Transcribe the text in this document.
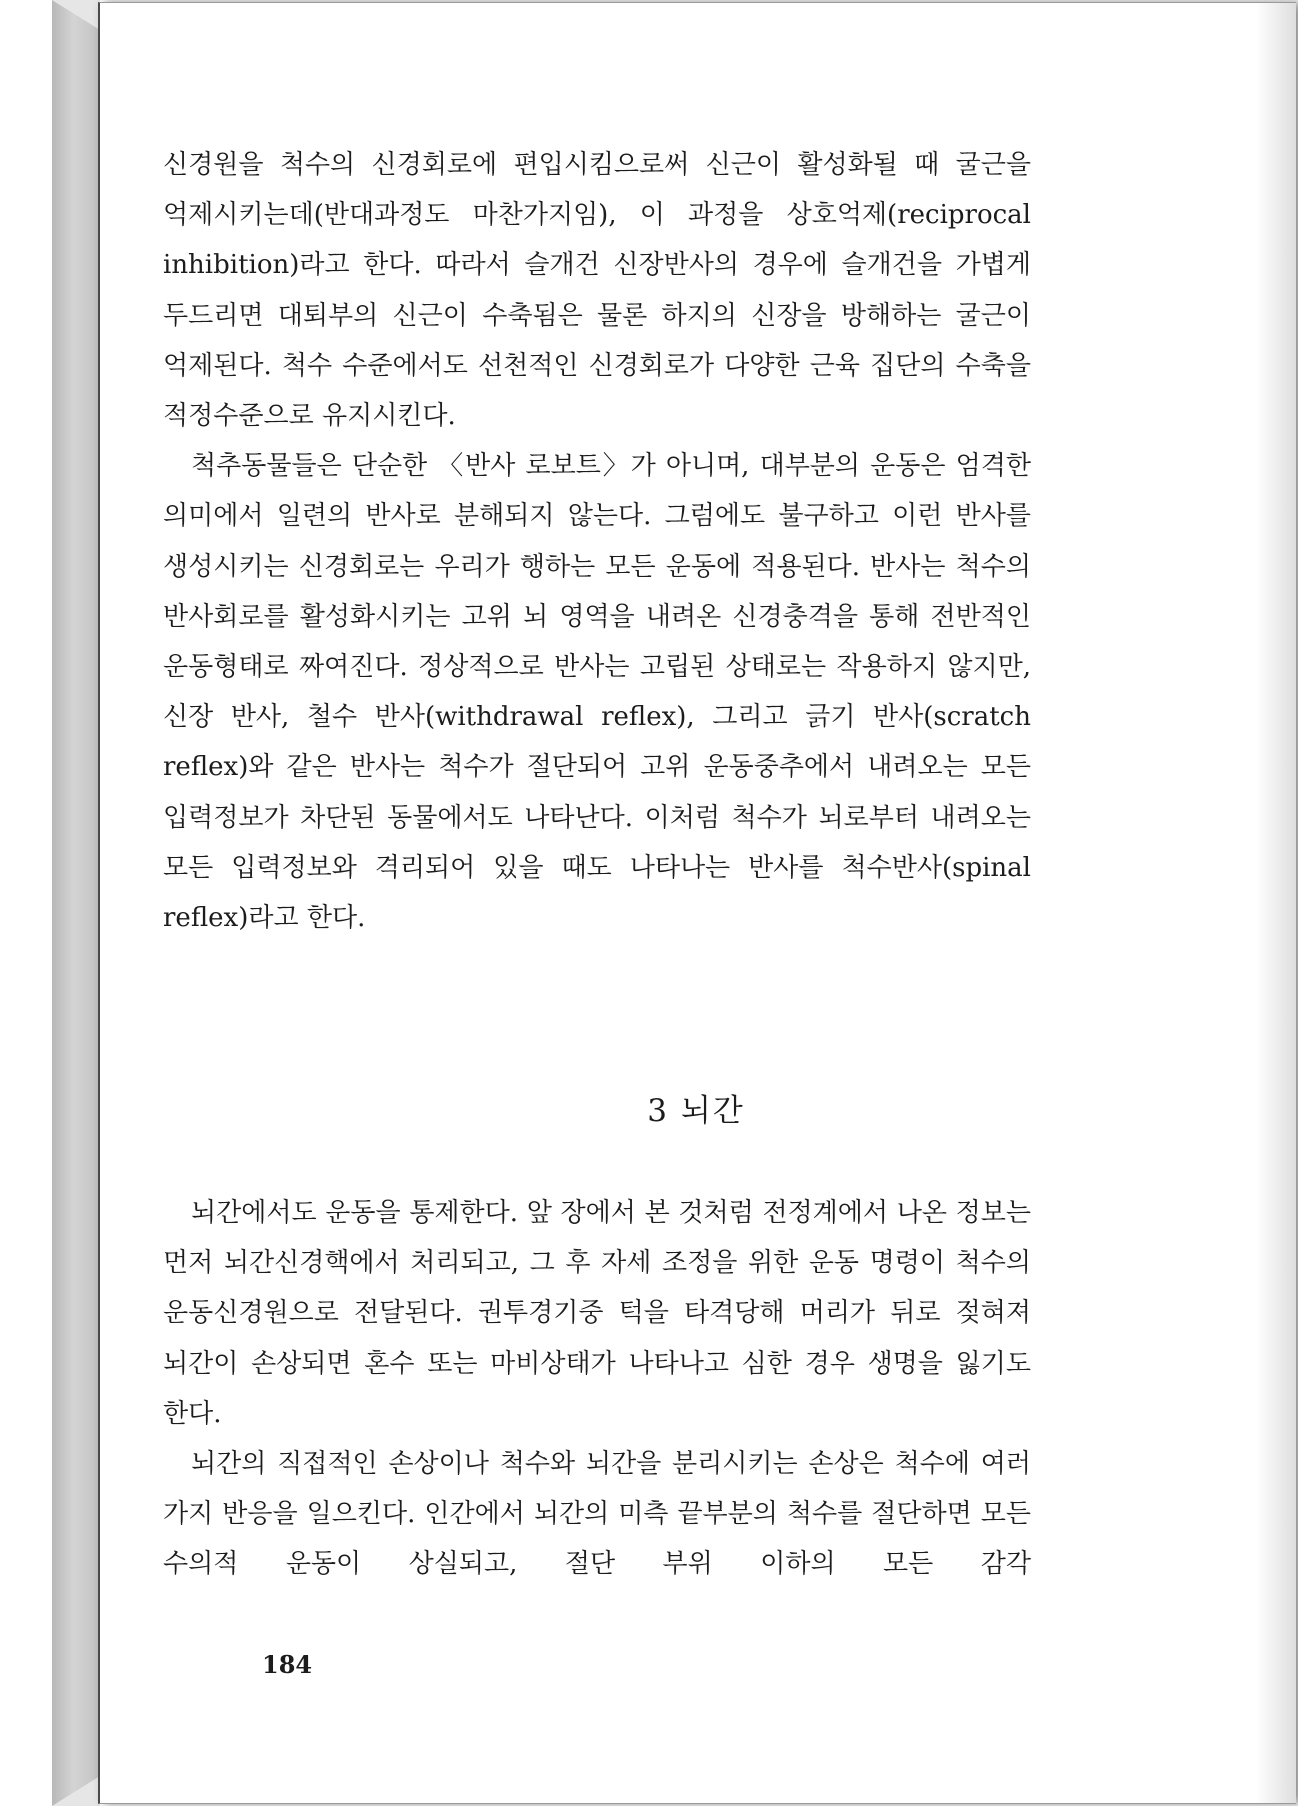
신경원을 척수의 신경회로에 편입시킴으로써 신근이 활성화될 때 굴근을 억제시키는데(반대과정도 마찬가지임), 이 과정을 상호억제(reciprocal inhibition)라고 한다. 따라서 슬개건 신장반사의 경우에 슬개건을 가볍게 두드리면 대퇴부의 신근이 수축됨은 물론 하지의 신장을 방해하는 굴근이 억제된다. 척수 수준에서도 선천적인 신경회로가 다양한 근육 집단의 수축을 적정수준으로 유지시킨다.

척추동물들은 단순한 〈반사 로보트〉가 아니며, 대부분의 운동은 엄격한 의미에서 일련의 반사로 분해되지 않는다. 그럼에도 불구하고 이런 반사를 생성시키는 신경회로는 우리가 행하는 모든 운동에 적용된다. 반사는 척수의 반사회로를 활성화시키는 고위 뇌 영역을 내려온 신경충격을 통해 전반적인 운동형태로 짜여진다. 정상적으로 반사는 고립된 상태로는 작용하지 않지만, 신장 반사, 철수 반사(withdrawal reflex), 그리고 긁기 반사(scratch reflex)와 같은 반사는 척수가 절단되어 고위 운동중추에서 내려오는 모든 입력정보가 차단된 동물에서도 나타난다. 이처럼 척수가 뇌로부터 내려오는 모든 입력정보와 격리되어 있을 때도 나타나는 반사를 척수반사(spinal reflex)라고 한다.

3 뇌간

뇌간에서도 운동을 통제한다. 앞 장에서 본 것처럼 전정계에서 나온 정보는 먼저 뇌간신경핵에서 처리되고, 그 후 자세 조정을 위한 운동 명령이 척수의 운동신경원으로 전달된다. 권투경기중 턱을 타격당해 머리가 뒤로 젖혀져 뇌간이 손상되면 혼수 또는 마비상태가 나타나고 심한 경우 생명을 잃기도 한다.

뇌간의 직접적인 손상이나 척수와 뇌간을 분리시키는 손상은 척수에 여러 가지 반응을 일으킨다. 인간에서 뇌간의 미측 끝부분의 척수를 절단하면 모든 수의적 운동이 상실되고, 절단 부위 이하의 모든 감각

184
